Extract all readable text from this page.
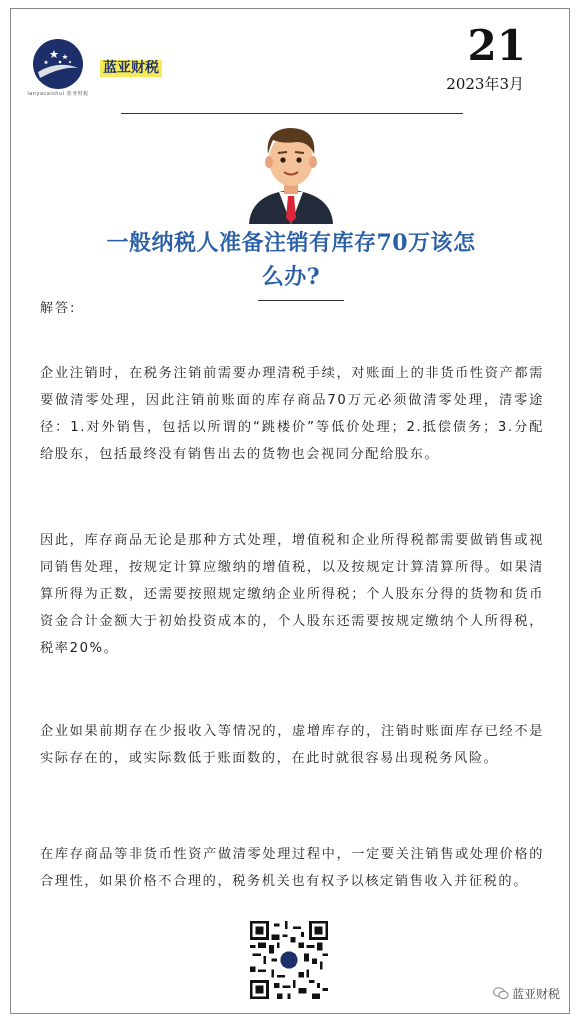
lanyacaishui 蓝亚财税
蓝亚财税	21
2023年3月
一般纳税人准备注销有库存70万该怎
么办?
解答:

企业注销时，在税务注销前需要办理清税手续，对账面上的非货币性资产都需要做清零处理，因此注销前账面的库存商品70万元必须做清零处理，清零途径：1.对外销售，包括以所谓的“跳楼价”等低价处理；2.抵偿债务；3.分配给股东，包括最终没有销售出去的货物也会视同分配给股东。

因此，库存商品无论是那种方式处理，增值税和企业所得税都需要做销售或视同销售处理，按规定计算应缴纳的增值税，以及按规定计算清算所得。如果清算所得为正数，还需要按照规定缴纳企业所得税；个人股东分得的货物和货币资金合计金额大于初始投资成本的，个人股东还需要按规定缴纳个人所得税，税率20%。

企业如果前期存在少报收入等情况的，虚增库存的，注销时账面库存已经不是实际存在的，或实际数低于账面数的，在此时就很容易出现税务风险。

在库存商品等非货币性资产做清零处理过程中，一定要关注销售或处理价格的合理性，如果价格不合理的，税务机关也有权予以核定销售收入并征税的。

蓝亚财税
